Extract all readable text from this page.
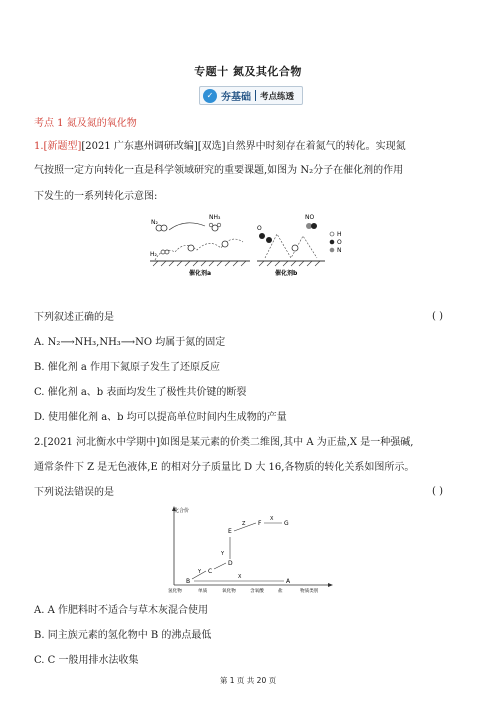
专题十 氮及其化合物
✓ 夯基础 考点练透
考点 1 氮及氮的氧化物
1.[新题型][2021 广东惠州调研改编][双选]自然界中时刻存在着氮气的转化。实现氮
气按照一定方向转化一直是科学领域研究的重要课题,如图为 N₂分子在催化剂的作用
下发生的一系列转化示意图:
N₂
NH₃
H₂
催化剂a
O
NO
催化剂b
H
O
N
下列叙述正确的是	( )
A. N₂⟶NH₃,NH₃⟶NO 均属于氮的固定
B. 催化剂 a 作用下氮原子发生了还原反应
C. 催化剂 a、b 表面均发生了极性共价键的断裂
D. 使用催化剂 a、b 均可以提高单位时间内生成物的产量
2.[2021 河北衡水中学期中]如图是某元素的价类二维图,其中 A 为正盐,X 是一种强碱,
通常条件下 Z 是无色液体,E 的相对分子质量比 D 大 16,各物质的转化关系如图所示。
下列说法错误的是	( )
化合价
氢化物	单质	氧化物	含氧酸	盐	物质类别
B
C
D
E
F	G
A
Y
Y
Z
X
X
A. A 作肥料时不适合与草木灰混合使用
B. 同主族元素的氢化物中 B 的沸点最低
C. C 一般用排水法收集
第 1 页 共 20 页
